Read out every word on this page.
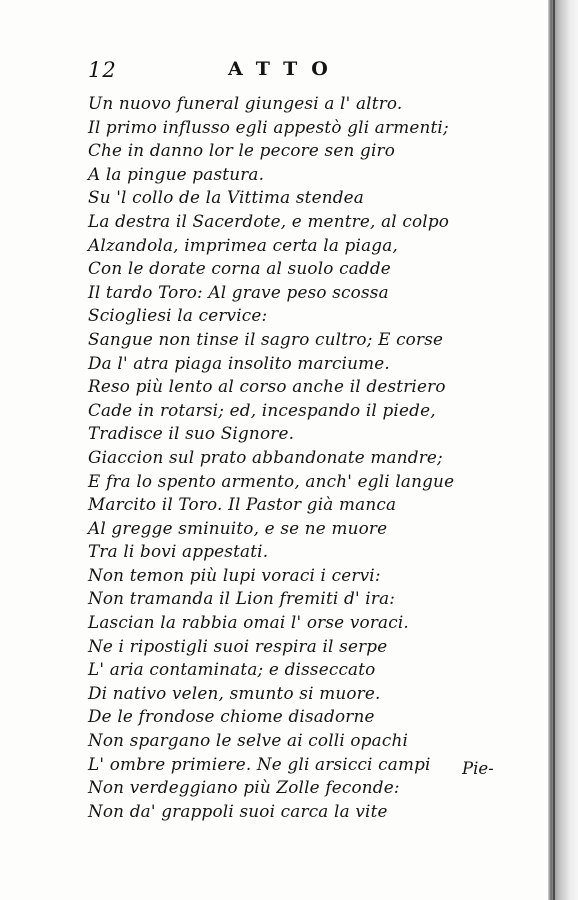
12	ATTO
Un nuovo funeral giungesi a l' altro.
Il primo influsso egli appestò gli armenti;
Che in danno lor le pecore sen giro
A la pingue pastura.
Su 'l collo de la Vittima stendea
La destra il Sacerdote, e mentre, al colpo
Alzandola, imprimea certa la piaga,
Con le dorate corna al suolo cadde
Il tardo Toro: Al grave peso scossa
Sciogliesi la cervice:
Sangue non tinse il sagro cultro; E corse
Da l' atra piaga insolito marciume.
Reso più lento al corso anche il destriero
Cade in rotarsi; ed, incespando il piede,
Tradisce il suo Signore.
Giaccion sul prato abbandonate mandre;
E fra lo spento armento, anch' egli langue
Marcito il Toro. Il Pastor già manca
Al gregge sminuito, e se ne muore
Tra li bovi appestati.
Non temon più lupi voraci i cervi:
Non tramanda il Lion fremiti d' ira:
Lascian la rabbia omai l' orse voraci.
Ne i ripostigli suoi respira il serpe
L' aria contaminata; e disseccato
Di nativo velen, smunto si muore.
De le frondose chiome disadorne
Non spargano le selve ai colli opachi
L' ombre primiere. Ne gli arsicci campi
Non verdeggiano più Zolle feconde:
Non da' grappoli suoi carca la vite
Pie-
